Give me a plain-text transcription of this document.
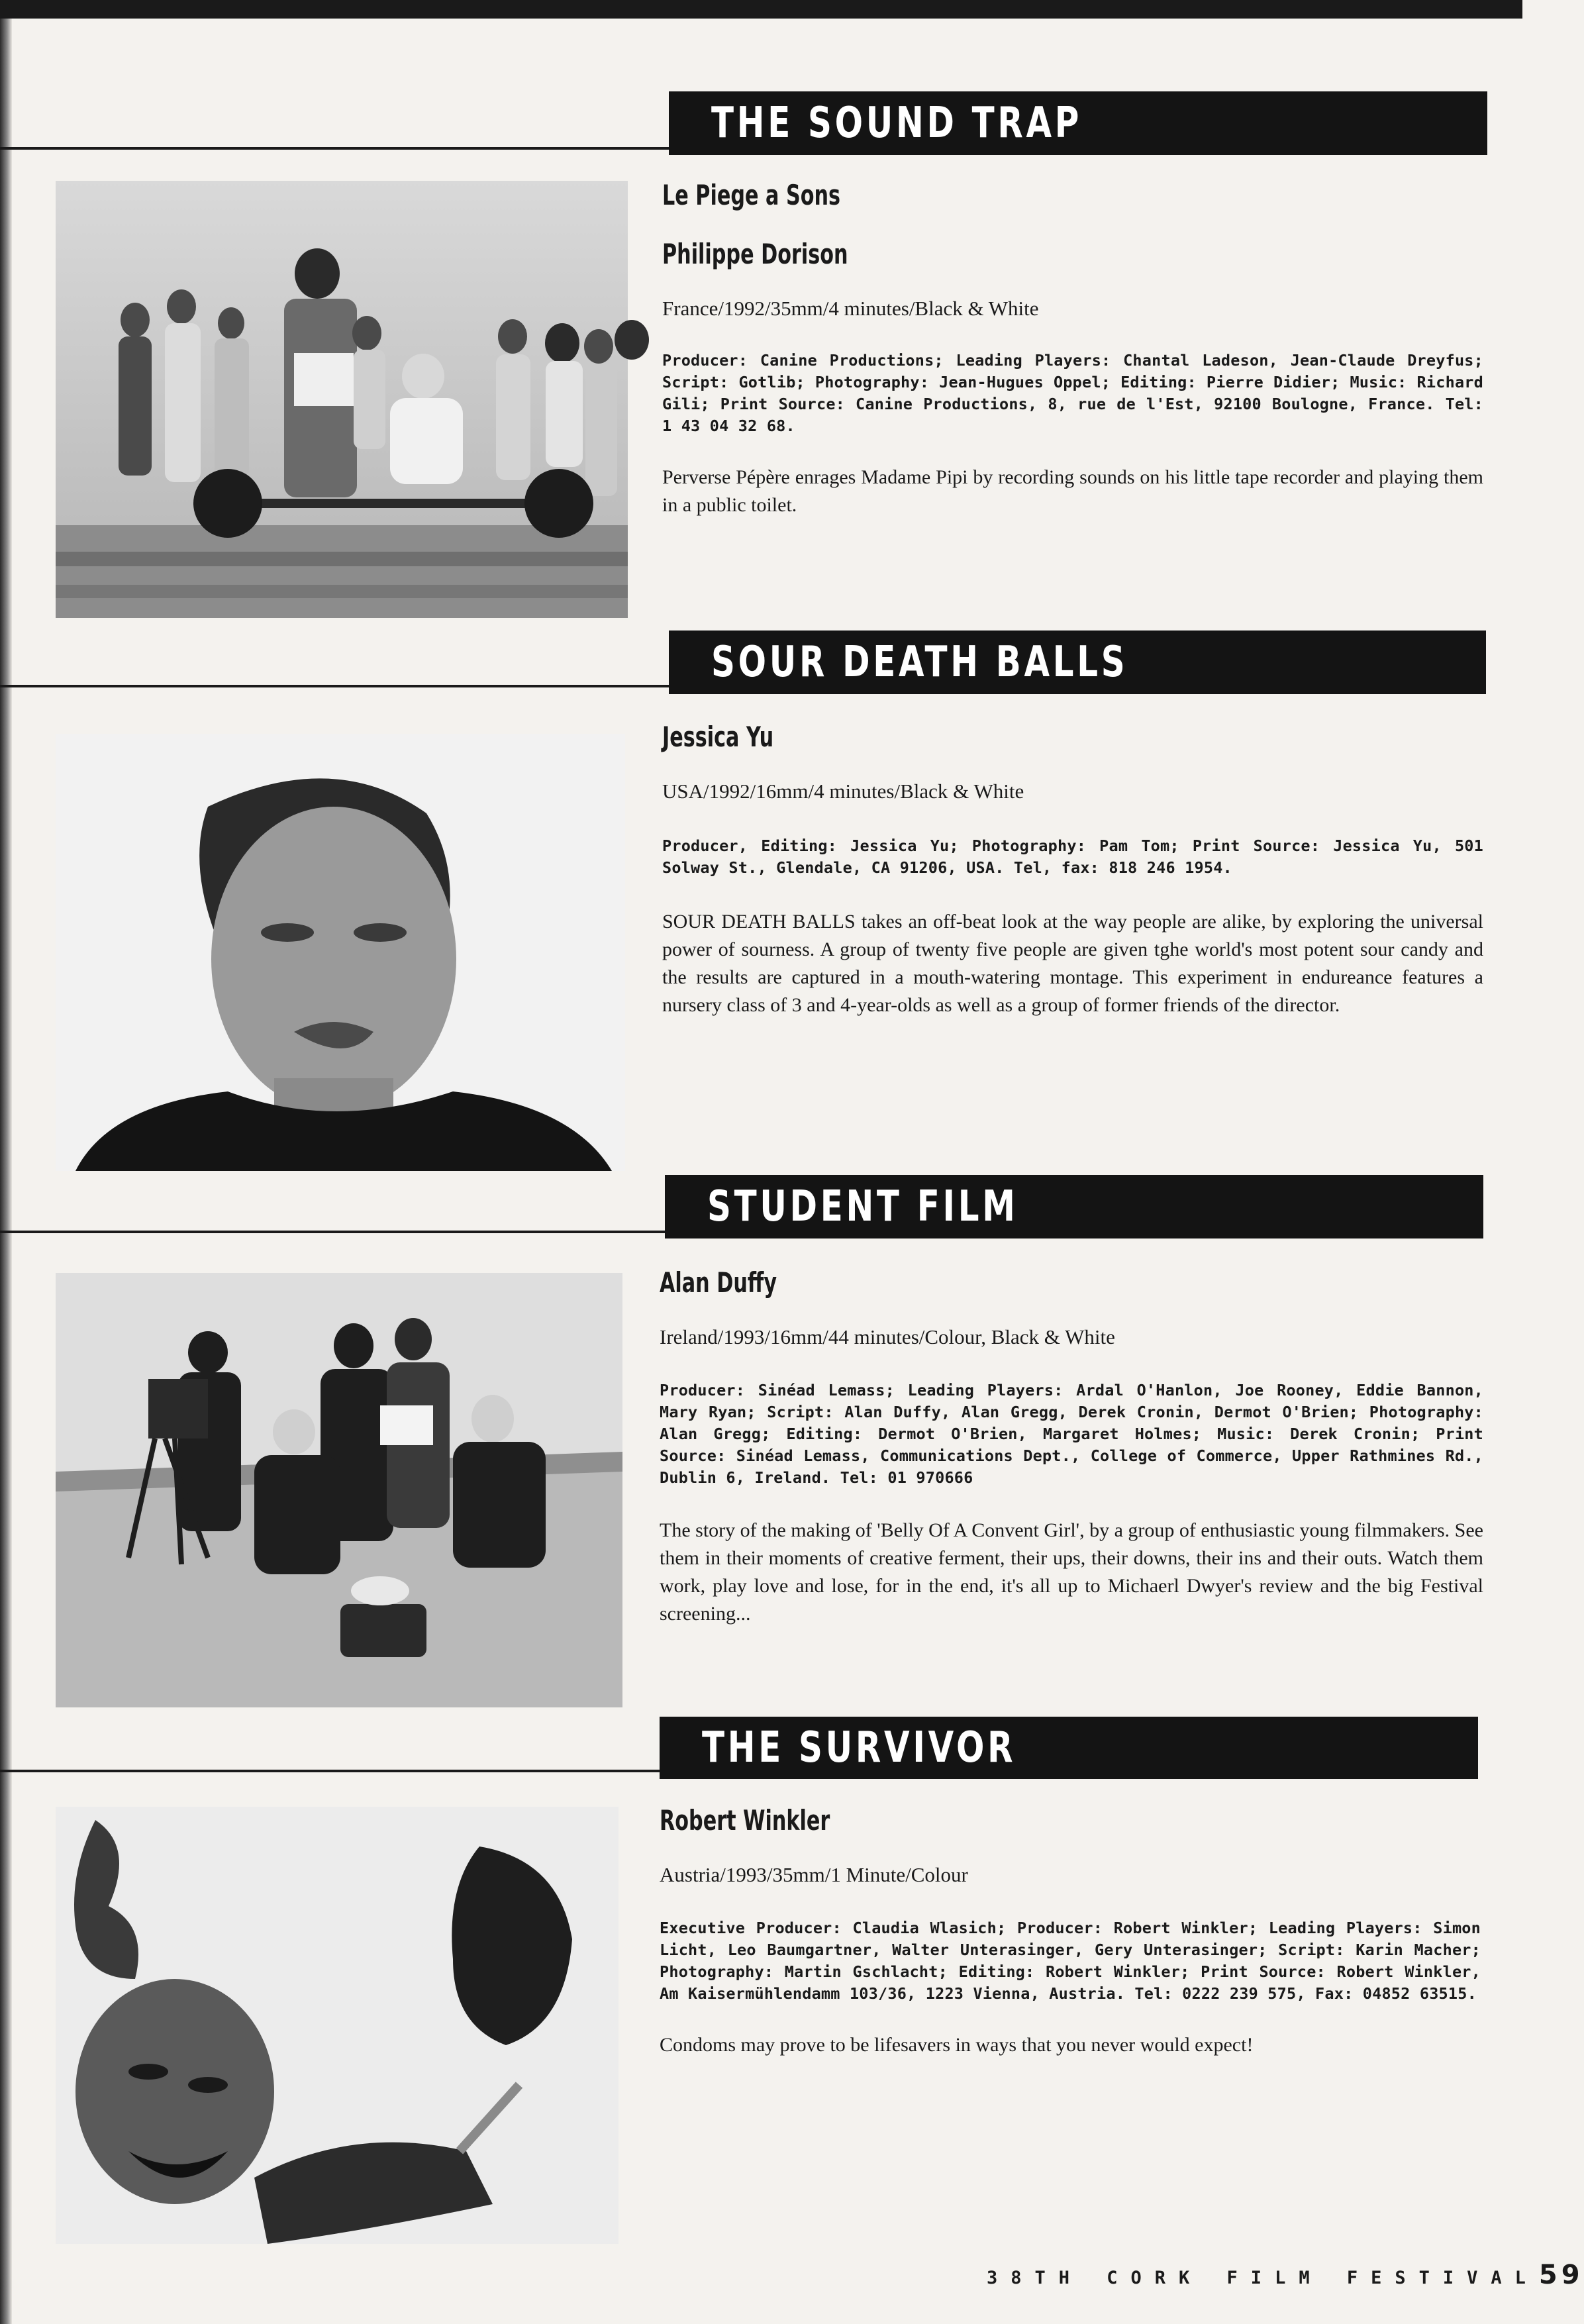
THE SOUND TRAP

Le Piege a Sons

Philippe Dorison

France/1992/35mm/4 minutes/Black & White

Producer: Canine Productions; Leading Players: Chantal Ladeson, Jean-Claude Dreyfus; Script: Gotlib; Photography: Jean-Hugues Oppel; Editing: Pierre Didier; Music: Richard Gili; Print Source: Canine Productions, 8, rue de l'Est, 92100 Boulogne, France. Tel: 1 43 04 32 68.

Perverse Pépère enrages Madame Pipi by recording sounds on his little tape recorder and playing them in a public toilet.

SOUR DEATH BALLS

Jessica Yu

USA/1992/16mm/4 minutes/Black & White

Producer, Editing: Jessica Yu; Photography: Pam Tom; Print Source: Jessica Yu, 501 Solway St., Glendale, CA 91206, USA. Tel, fax: 818 246 1954.

SOUR DEATH BALLS takes an off-beat look at the way people are alike, by exploring the universal power of sourness. A group of twenty five people are given tghe world's most potent sour candy and the results are captured in a mouth-watering montage. This experiment in endureance features a nursery class of 3 and 4-year-olds as well as a group of former friends of the director.

STUDENT FILM

Alan Duffy

Ireland/1993/16mm/44 minutes/Colour, Black & White

Producer: Sinéad Lemass; Leading Players: Ardal O'Hanlon, Joe Rooney, Eddie Bannon, Mary Ryan; Script: Alan Duffy, Alan Gregg, Derek Cronin, Dermot O'Brien; Photography: Alan Gregg; Editing: Dermot O'Brien, Margaret Holmes; Music: Derek Cronin; Print Source: Sinéad Lemass, Communications Dept., College of Commerce, Upper Rathmines Rd., Dublin 6, Ireland. Tel: 01 970666

The story of the making of 'Belly Of A Convent Girl', by a group of enthusiastic young filmmakers. See them in their moments of creative ferment, their ups, their downs, their ins and their outs. Watch them work, play love and lose, for in the end, it's all up to Michaerl Dwyer's review and the big Festival screening...

THE SURVIVOR

Robert Winkler

Austria/1993/35mm/1 Minute/Colour

Executive Producer: Claudia Wlasich; Producer: Robert Winkler; Leading Players: Simon Licht, Leo Baumgartner, Walter Unterasinger, Gery Unterasinger; Script: Karin Macher; Photography: Martin Gschlacht; Editing: Robert Winkler; Print Source: Robert Winkler, Am Kaisermühlendamm 103/36, 1223 Vienna, Austria. Tel: 0222 239 575, Fax: 04852 63515.

Condoms may prove to be lifesavers in ways that you never would expect!

38TH CORK FILM FESTIVAL 59
